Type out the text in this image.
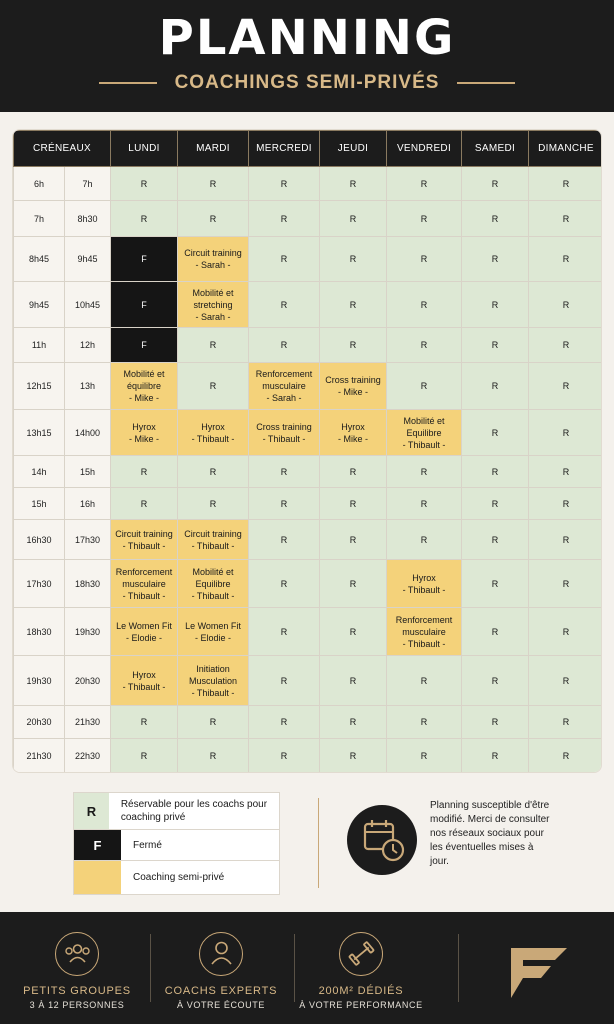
PLANNING
COACHINGS SEMI-PRIVÉS
CRÉNEAUX		LUNDI	MARDI	MERCREDI	JEUDI	VENDREDI	SAMEDI	DIMANCHE
6h	7h	R	R	R	R	R	R	R
7h	8h30	R	R	R	R	R	R	R
8h45	9h45	F	Circuit training
- Sarah -	R	R	R	R	R
9h45	10h45	F	Mobilité et
stretching
- Sarah -	R	R	R	R	R
11h	12h	F	R	R	R	R	R	R
12h15	13h	Mobilité et
équilibre
- Mike -	R	Renforcement
musculaire
- Sarah -	Cross training
- Mike -	R	R	R
13h15	14h00	Hyrox
- Mike -	Hyrox
- Thibault -	Cross training
- Thibault -	Hyrox
- Mike -	Mobilité et
Equilibre
- Thibault -	R	R
14h	15h	R	R	R	R	R	R	R
15h	16h	R	R	R	R	R	R	R
16h30	17h30	Circuit training
- Thibault -	Circuit training
- Thibault -	R	R	R	R	R
17h30	18h30	Renforcement
musculaire
- Thibault -	Mobilité et
Equilibre
- Thibault -	R	R	Hyrox
- Thibault -	R	R
18h30	19h30	Le Women Fit
- Elodie -	Le Women Fit
- Elodie -	R	R	Renforcement
musculaire
- Thibault -	R	R
19h30	20h30	Hyrox
- Thibault -	Initiation
Musculation
- Thibault -	R	R	R	R	R
20h30	21h30	R	R	R	R	R	R	R
21h30	22h30	R	R	R	R	R	R	R
R	Réservable pour les coachs pour coaching privé
F	Fermé
Coaching semi-privé
Planning susceptible d'être modifié. Merci de consulter nos réseaux sociaux pour les éventuelles mises à jour.
PETITS GROUPES
3 À 12 PERSONNES
COACHS EXPERTS
À VOTRE ÉCOUTE
200M² DÉDIÉS
À VOTRE PERFORMANCE
